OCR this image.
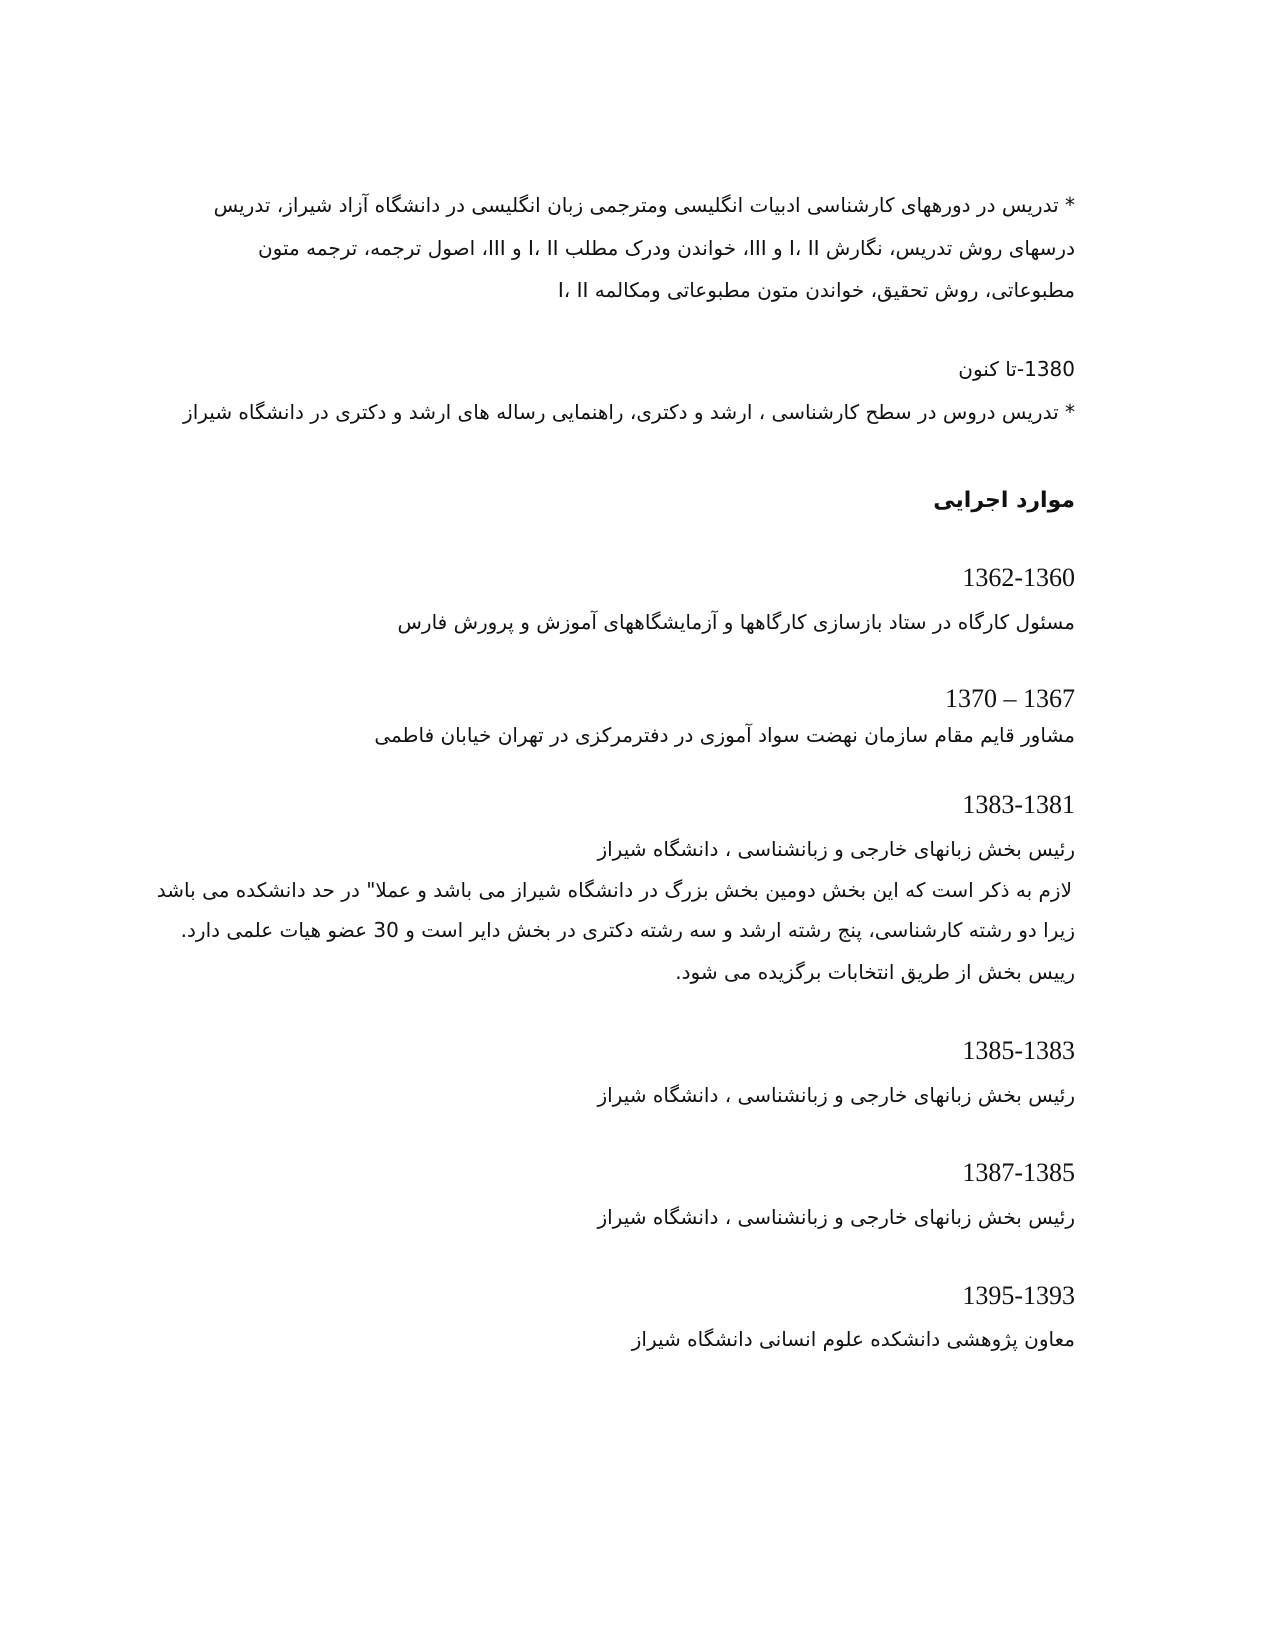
* تدریس در دورههای کارشناسی ادبیات انگلیسی ومترجمی زبان انگلیسی در دانشگاه آزاد شیراز، تدریس
درسهای روش تدریس، نگارش I، II و III، خواندن ودرک مطلب I، II و III، اصول ترجمه، ترجمه متون
مطبوعاتی، روش تحقیق، خواندن متون مطبوعاتی ومکالمه I، II
1380-تا کنون
* تدریس دروس در سطح کارشناسی ، ارشد و دکتری، راهنمایی رساله های ارشد و دکتری در دانشگاه شیراز
موارد اجرایی
1362-1360
مسئول کارگاه در ستاد بازسازی کارگاهها و آزمایشگاههای آموزش و پرورش فارس
1370 – 1367
مشاور قایم مقام سازمان نهضت سواد آموزی در دفترمرکزی در تهران خیابان فاطمی
1383-1381
رئیس بخش زبانهای خارجی و زبانشناسی ، دانشگاه شیراز
لازم به ذکر است که این بخش دومین بخش بزرگ در دانشگاه شیراز می باشد و عملا" در حد دانشکده می باشد
زیرا دو رشته کارشناسی، پنج رشته ارشد و سه رشته دکتری در بخش دایر است و 30 عضو هیات علمی دارد.
رییس بخش از طریق انتخابات برگزیده می شود.
1385-1383
رئیس بخش زبانهای خارجی و زبانشناسی ، دانشگاه شیراز
1387-1385
رئیس بخش زبانهای خارجی و زبانشناسی ، دانشگاه شیراز
1395-1393
معاون پژوهشی دانشکده علوم انسانی دانشگاه شیراز
